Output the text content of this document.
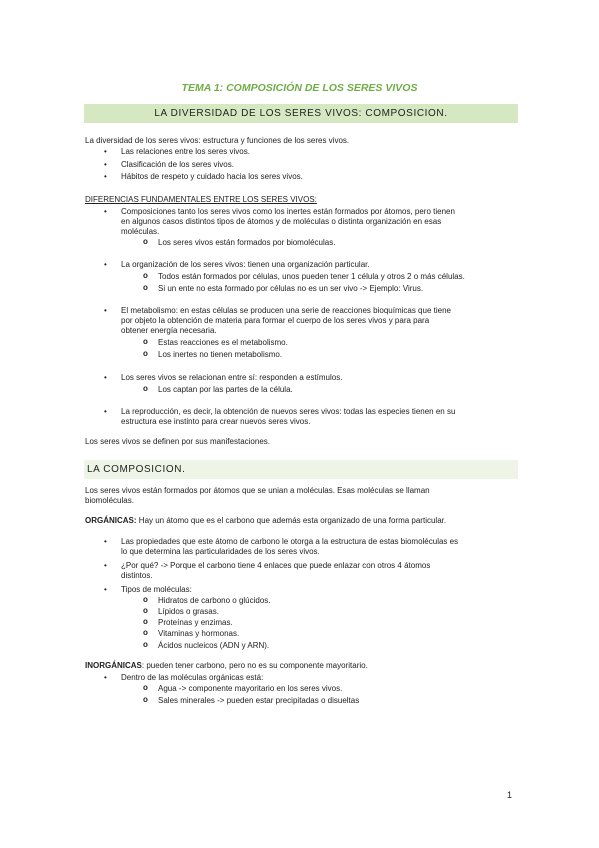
TEMA 1: COMPOSICIÓN DE LOS SERES VIVOS
LA DIVERSIDAD DE LOS SERES VIVOS: COMPOSICION.
La diversidad de los seres vivos: estructura y funciones de los seres vivos.
• Las relaciones entre los seres vivos.
• Clasificación de los seres vivos.
• Hábitos de respeto y cuidado hacia los seres vivos.
DIFERENCIAS FUNDAMENTALES ENTRE LOS SERES VIVOS:
• Composiciones tanto los seres vivos como los inertes están formados por átomos, pero tienen
en algunos casos distintos tipos de átomos y de moléculas o distinta organización en esas
moléculas.
o Los seres vivos están formados por biomoléculas.
• La organización de los seres vivos: tienen una organización particular.
o Todos están formados por células, unos pueden tener 1 célula y otros 2 o más células.
o Si un ente no esta formado por células no es un ser vivo -> Ejemplo: Virus.
• El metabolismo: en estas células se producen una serie de reacciones bioquímicas que tiene
por objeto la obtención de materia para formar el cuerpo de los seres vivos y para para
obtener energía necesaria.
o Estas reacciones es el metabolismo.
o Los inertes no tienen metabolismo.
• Los seres vivos se relacionan entre sí: responden a estímulos.
o Los captan por las partes de la célula.
• La reproducción, es decir, la obtención de nuevos seres vivos: todas las especies tienen en su
estructura ese instinto para crear nuevos seres vivos.
Los seres vivos se definen por sus manifestaciones.
LA COMPOSICION.
Los seres vivos están formados por átomos que se unian a moléculas. Esas moléculas se llaman
biomoléculas.
ORGÁNICAS: Hay un átomo que es el carbono que además esta organizado de una forma particular.
• Las propiedades que este átomo de carbono le otorga a la estructura de estas biomoléculas es
lo que determina las particularidades de los seres vivos.
• ¿Por qué? -> Porque el carbono tiene 4 enlaces que puede enlazar con otros 4 átomos
distintos.
• Tipos de moléculas:
o Hidratos de carbono o glúcidos.
o Lípidos o grasas.
o Proteínas y enzimas.
o Vitaminas y hormonas.
o Ácidos nucleicos (ADN y ARN).
INORGÁNICAS: pueden tener carbono, pero no es su componente mayoritario.
• Dentro de las moléculas orgánicas está:
o Agua -> componente mayoritario en los seres vivos.
o Sales minerales -> pueden estar precipitadas o disueltas
1
